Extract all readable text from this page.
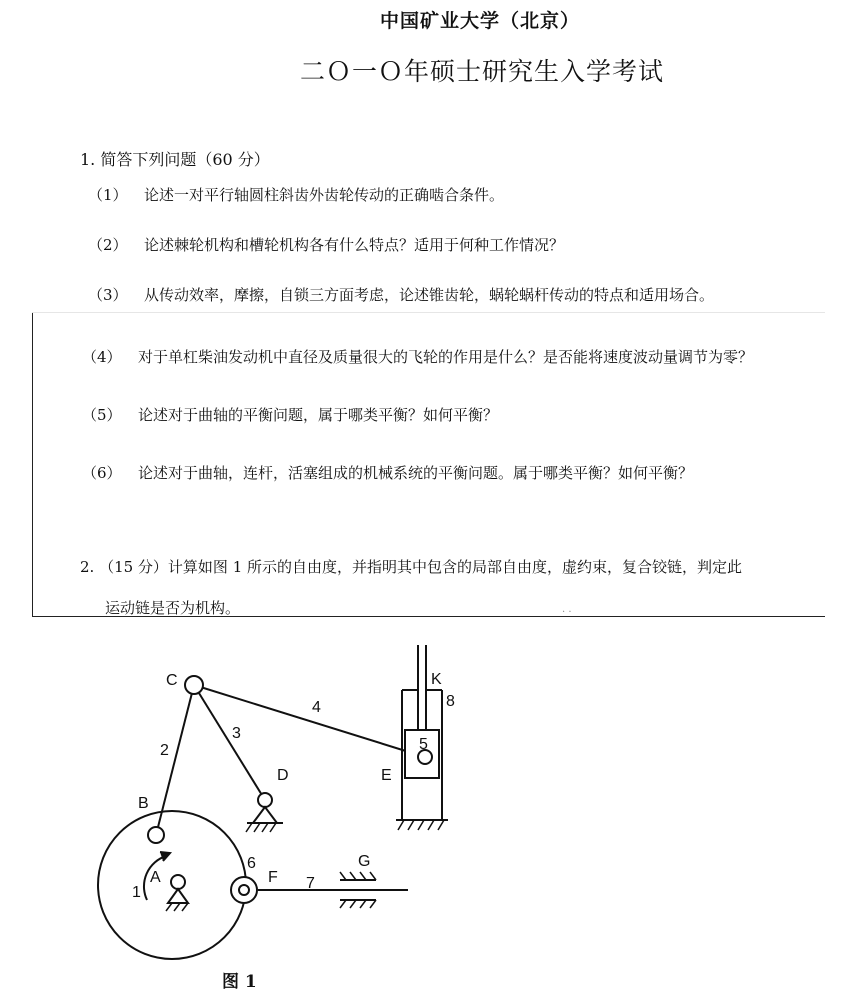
中国矿业大学（北京）
二Ｏ一Ｏ年硕士研究生入学考试
1. 简答下列问题（60 分）
（1） 论述一对平行轴圆柱斜齿外齿轮传动的正确啮合条件。
（2） 论述棘轮机构和槽轮机构各有什么特点？适用于何种工作情况？
（3） 从传动效率，摩擦，自锁三方面考虑，论述锥齿轮，蜗轮蜗杆传动的特点和适用场合。
（4） 对于单杠柴油发动机中直径及质量很大的飞轮的作用是什么？是否能将速度波动量调节为零？
（5） 论述对于曲轴的平衡问题，属于哪类平衡？如何平衡？
（6） 论述对于曲轴，连杆，活塞组成的机械系统的平衡问题。属于哪类平衡？如何平衡？
2. （15 分）计算如图 1 所示的自由度，并指明其中包含的局部自由度，虚约束，复合铰链，判定此
运动链是否为机构。	. .
C
4
3
2
B
D
K
8
5
E
A
1
6
F 7
G
图 1
